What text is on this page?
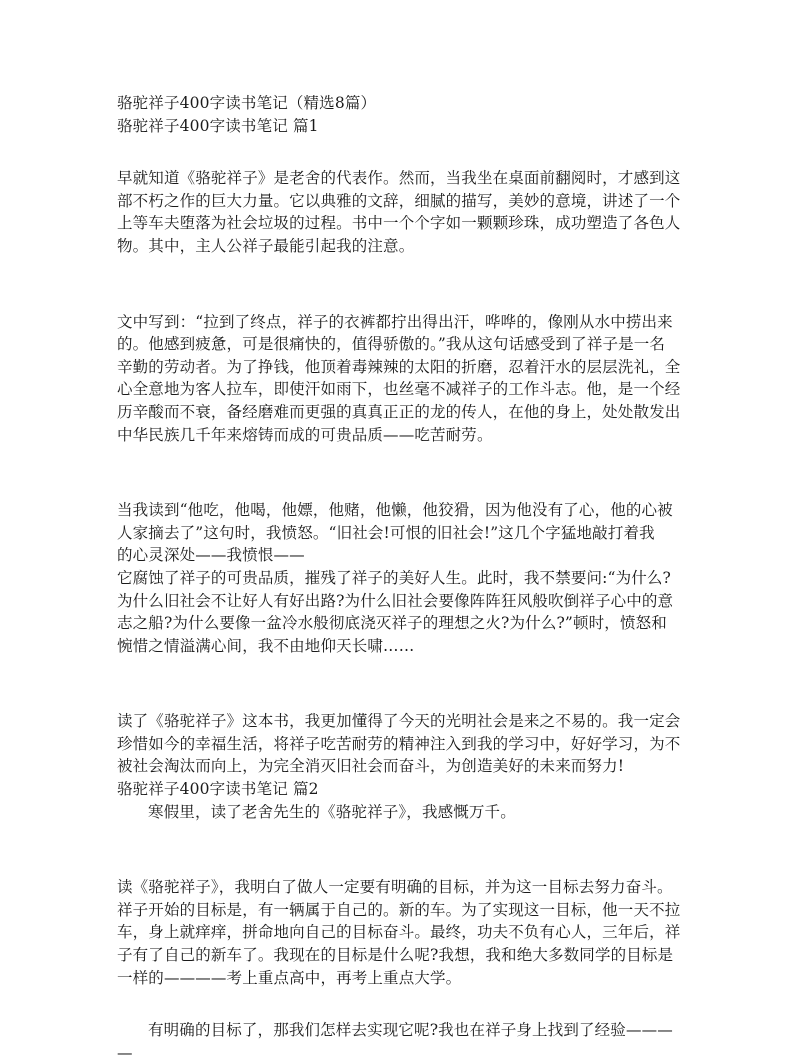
骆驼祥子400字读书笔记（精选8篇）

骆驼祥子400字读书笔记 篇1

早就知道《骆驼祥子》是老舍的代表作。然而，当我坐在桌面前翻阅时，才感到这
部不朽之作的巨大力量。它以典雅的文辞，细腻的描写，美妙的意境，讲述了一个
上等车夫堕落为社会垃圾的过程。书中一个个字如一颗颗珍珠，成功塑造了各色人
物。其中，主人公祥子最能引起我的注意。
文中写到：“拉到了终点，祥子的衣裤都拧出得出汗，哗哗的，像刚从水中捞出来
的。他感到疲惫，可是很痛快的，值得骄傲的。”我从这句话感受到了祥子是一名
辛勤的劳动者。为了挣钱，他顶着毒辣辣的太阳的折磨，忍着汗水的层层洗礼，全
心全意地为客人拉车，即使汗如雨下，也丝毫不减祥子的工作斗志。他，是一个经
历辛酸而不衰，备经磨难而更强的真真正正的龙的传人，在他的身上，处处散发出
中华民族几千年来熔铸而成的可贵品质——吃苦耐劳。
当我读到“他吃，他喝，他嫖，他赌，他懒，他狡猾，因为他没有了心，他的心被
人家摘去了”这句时，我愤怒。“旧社会!可恨的旧社会!”这几个字猛地敲打着我
的心灵深处——我愤恨——
它腐蚀了祥子的可贵品质，摧残了祥子的美好人生。此时，我不禁要问:“为什么?
为什么旧社会不让好人有好出路?为什么旧社会要像阵阵狂风般吹倒祥子心中的意
志之船?为什么要像一盆冷水般彻底浇灭祥子的理想之火?为什么?”顿时，愤怒和
惋惜之情溢满心间，我不由地仰天长啸……
读了《骆驼祥子》这本书，我更加懂得了今天的光明社会是来之不易的。我一定会
珍惜如今的幸福生活，将祥子吃苦耐劳的精神注入到我的学习中，好好学习，为不
被社会淘汰而向上，为完全消灭旧社会而奋斗，为创造美好的未来而努力!

骆驼祥子400字读书笔记 篇2

寒假里，读了老舍先生的《骆驼祥子》，我感慨万千。
读《骆驼祥子》，我明白了做人一定要有明确的目标，并为这一目标去努力奋斗。
祥子开始的目标是，有一辆属于自己的。新的车。为了实现这一目标，他一天不拉
车，身上就痒痒，拼命地向自己的目标奋斗。最终，功夫不负有心人，三年后，祥
子有了自己的新车了。我现在的目标是什么呢?我想，我和绝大多数同学的目标是
一样的————考上重点高中，再考上重点大学。
有明确的目标了，那我们怎样去实现它呢?我也在祥子身上找到了经验———
—
